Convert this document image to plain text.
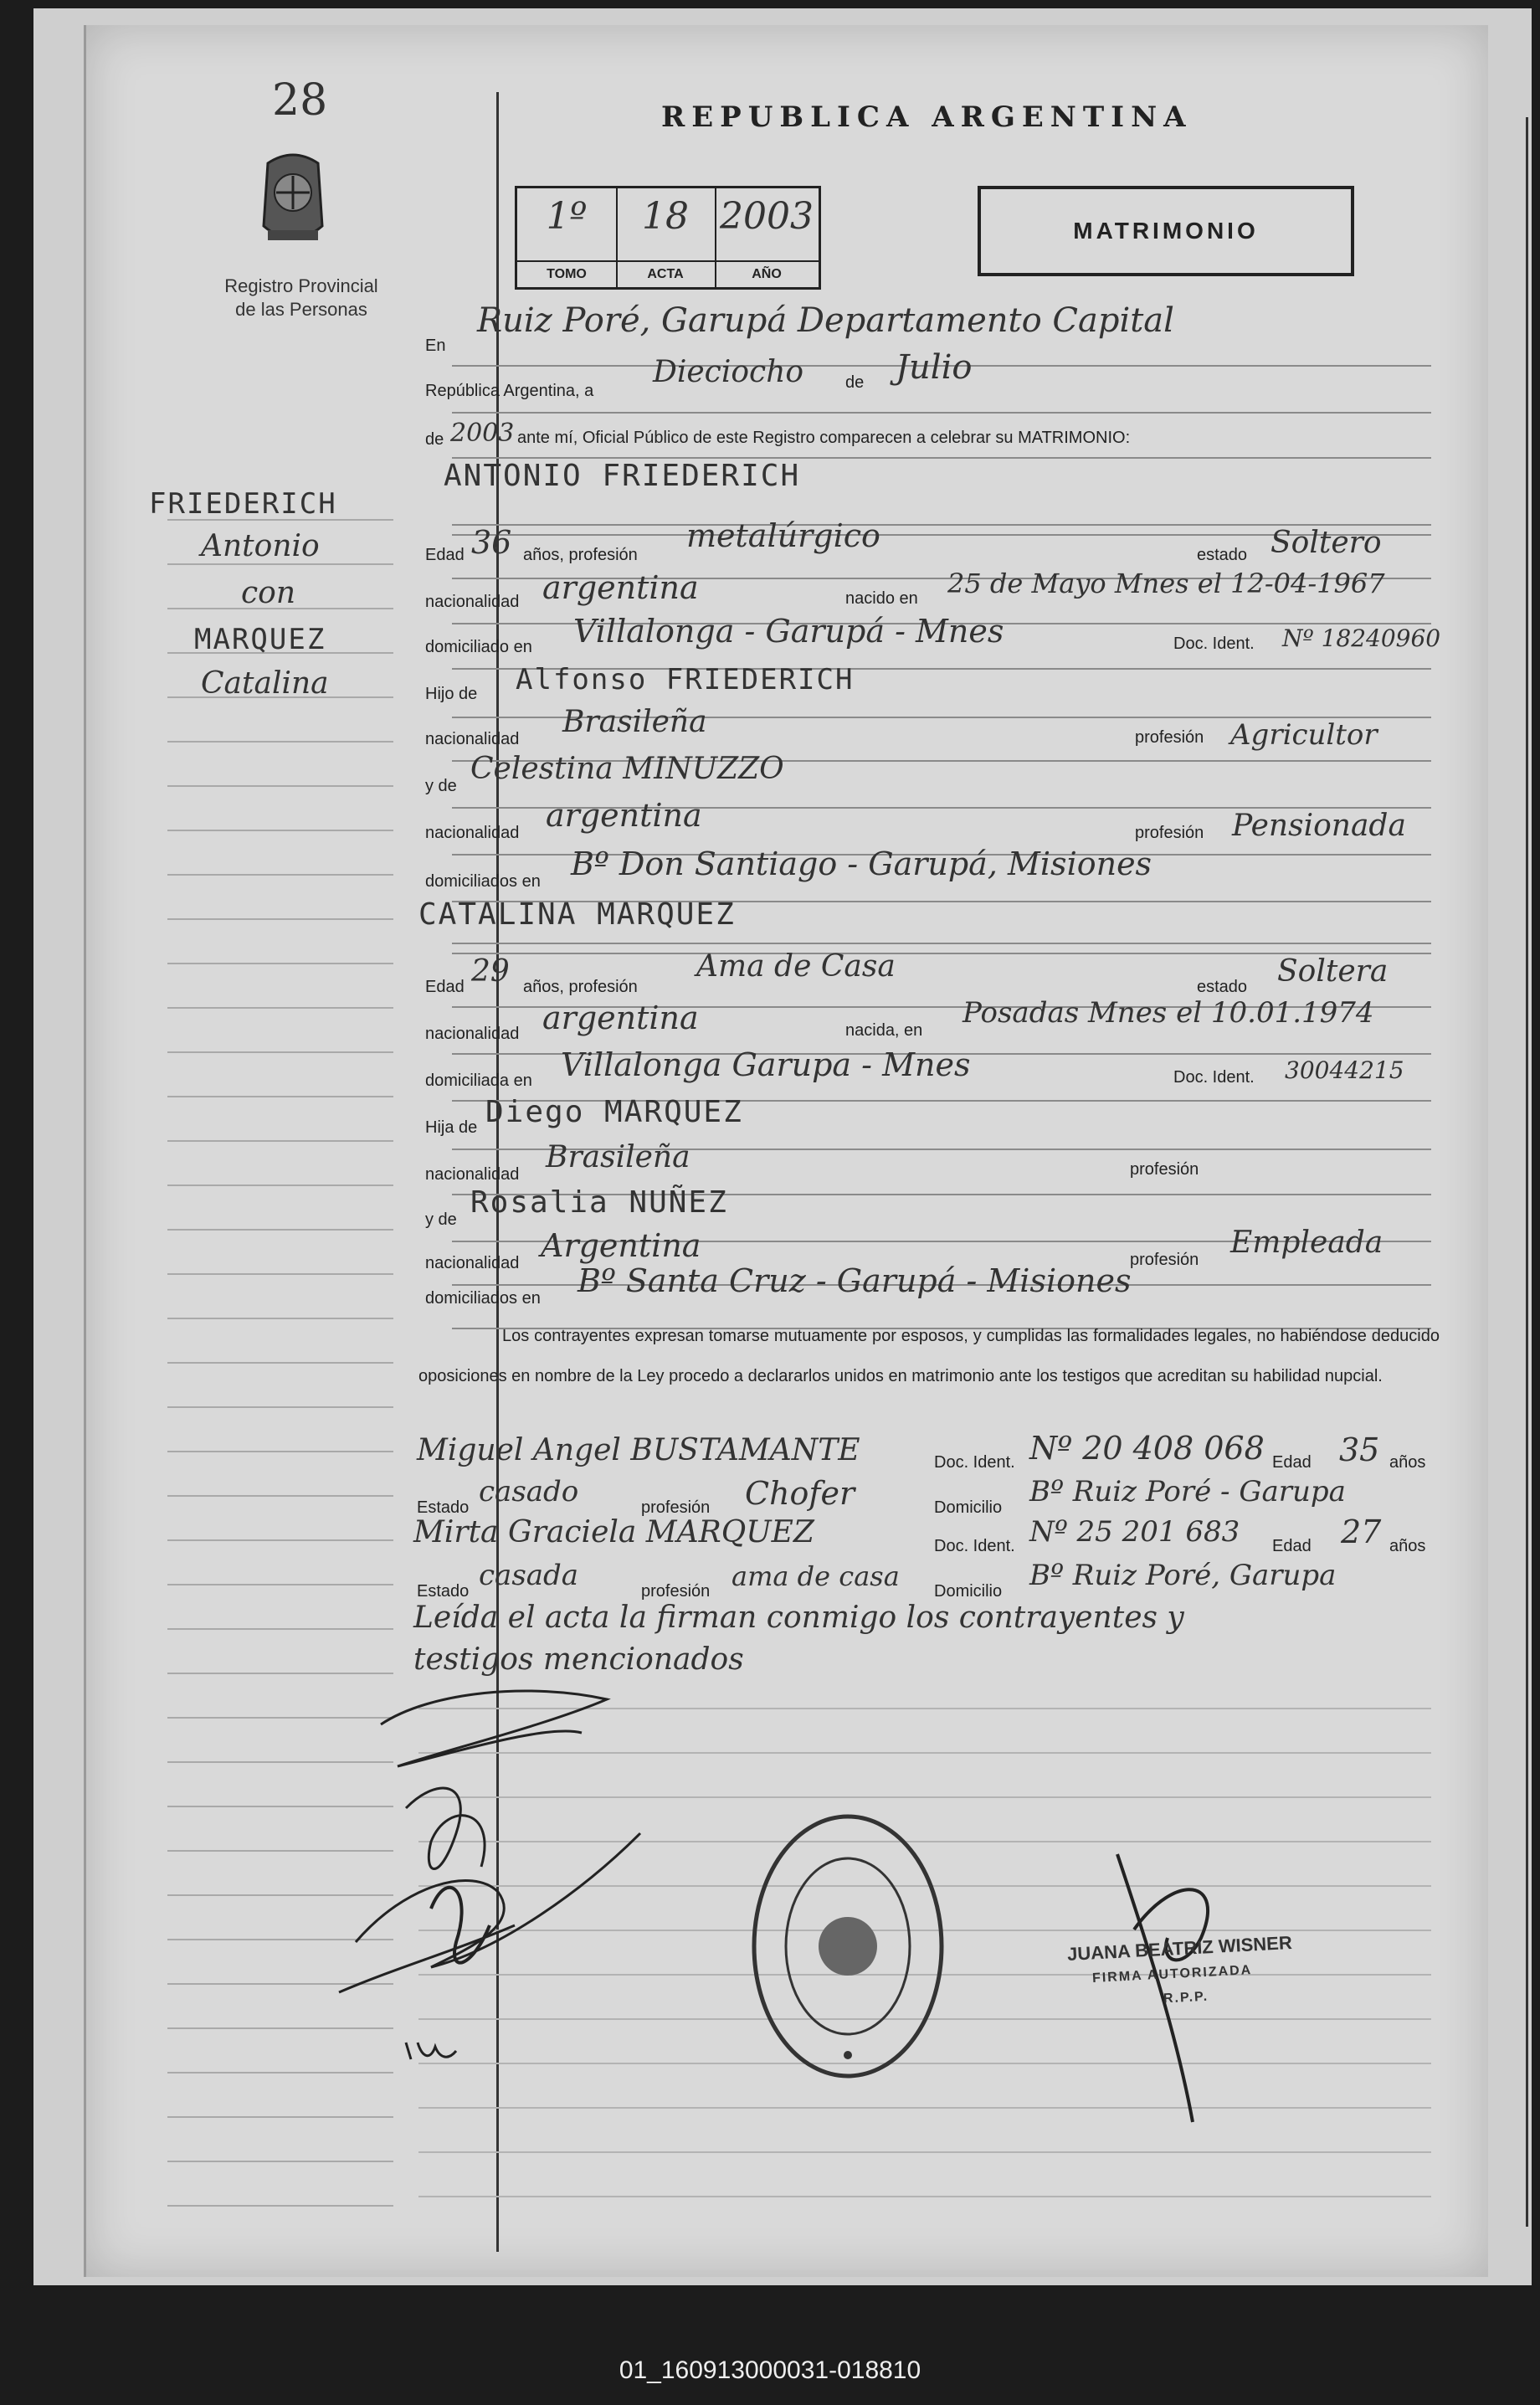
28
Registro Provincial
de las Personas
REPUBLICA ARGENTINA
1º
TOMO
18
ACTA
2003
AÑO
MATRIMONIO
FRIEDERICH
Antonio
con
MARQUEZ
Catalina
En
Ruiz Poré, Garupá Departamento Capital
República Argentina, a
Dieciocho de Julio
de 2003 ante mí, Oficial Público de este Registro comparecen a celebrar su MATRIMONIO:
ANTONIO FRIEDERICH
Edad 36 años, profesión
metalúrgico
estado Soltero
nacionalidad argentina	nacido en 25 de Mayo Mnes el 12-04-1967
domiciliado en Villalonga - Garupá - Mnes	Doc. Ident. Nº 18240960
Hijo de Alfonso FRIEDERICH
nacionalidad Brasileña	profesión Agricultor
y de Celestina MINUZZO
nacionalidad argentina	profesión Pensionada
domiciliados en Bº Don Santiago - Garupá, Misiones
CATALINA MARQUEZ
Edad 29 años, profesión
Ama de Casa
estado Soltera
nacionalidad argentina	nacida, en
Posadas Mnes el 10.01.1974
domiciliada en Villalonga Garupa - Mnes	Doc. Ident. 30044215
Hija de Diego MARQUEZ
nacionalidad Brasileña	profesión
y de Rosalia NUÑEZ
nacionalidad Argentina	profesión Empleada
domiciliados en Bº Santa Cruz - Garupá - Misiones
Los contrayentes expresan tomarse mutuamente por esposos, y cumplidas las formalidades legales, no habiéndose deducido oposiciones en nombre de la Ley procedo a declararlos unidos en matrimonio ante los testigos que acreditan su habilidad nupcial.
Miguel Angel BUSTAMANTE	Doc. Ident. Nº 20 408 068 Edad 35 años
Estado casado	profesión Chofer	Domicilio Bº Ruiz Poré - Garupa
Mirta Graciela MARQUEZ	Doc. Ident. Nº 25 201 683 Edad 27 años
Estado casada	profesión ama de casa Domicilio Bº Ruiz Poré, Garupa
Leída el acta la firman conmigo los contrayentes y
testigos mencionados
JUANA BEATRIZ WISNER
FIRMA AUTORIZADA
R.P.P.
01_160913000031-018810
